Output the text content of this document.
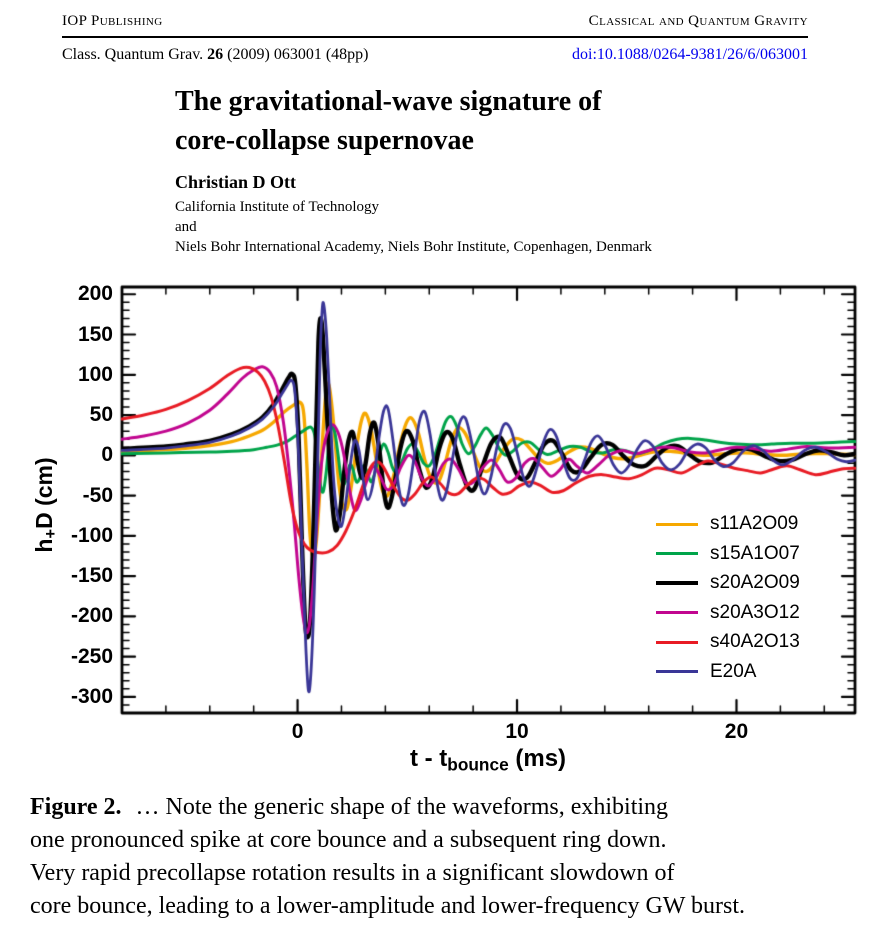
IOP Publishing	Classical and Quantum Gravity
Class. Quantum Grav. 26 (2009) 063001 (48pp)	doi:10.1088/0264-9381/26/6/063001
The gravitational-wave signature of
core-collapse supernovae
Christian D Ott
California Institute of Technology
and
Niels Bohr International Academy, Niels Bohr Institute, Copenhagen, Denmark
h+D (cm)
t - tbounce (ms)
200
150
100
50
0
-50
-100
-150
-200
-250
-300
0	10	20
s11A2O09
s15A1O07
s20A2O09
s20A3O12
s40A2O13
E20A
Figure 2. … Note the generic shape of the waveforms, exhibiting
one pronounced spike at core bounce and a subsequent ring down.
Very rapid precollapse rotation results in a significant slowdown of
core bounce, leading to a lower-amplitude and lower-frequency GW burst.
